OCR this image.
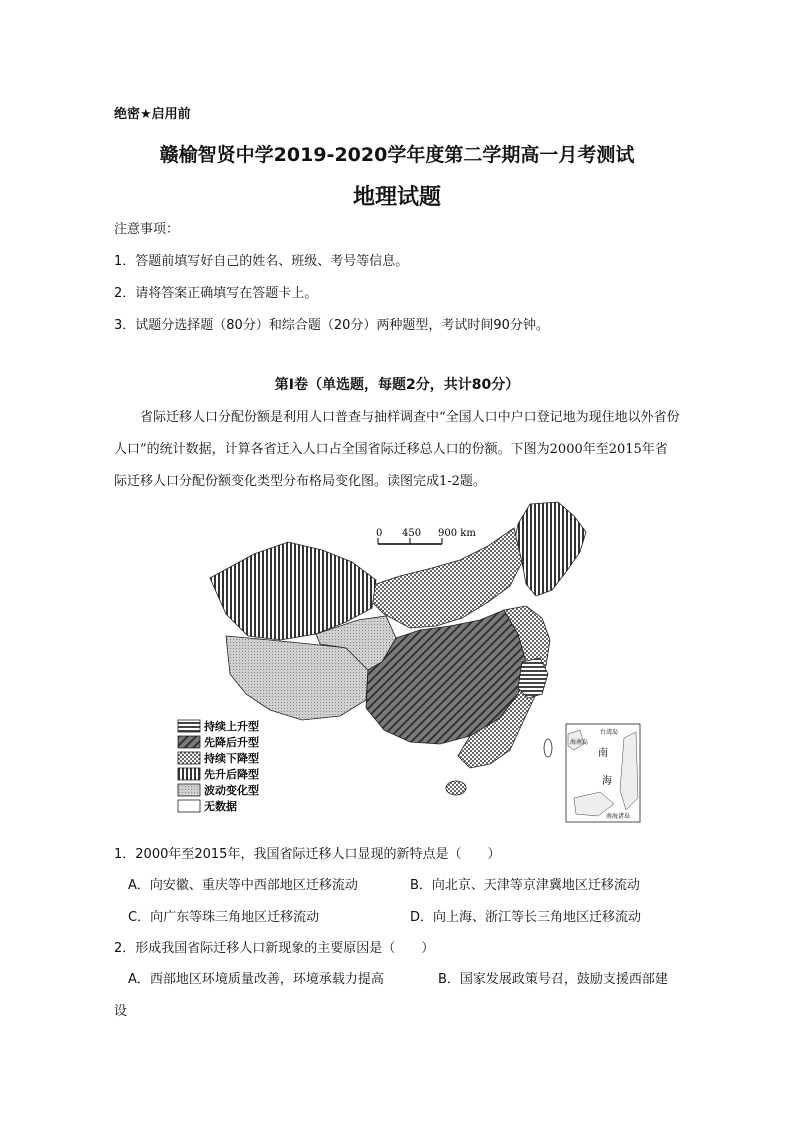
绝密★启用前
赣榆智贤中学2019-2020学年度第二学期高一月考测试
地理试题
注意事项：
1．答题前填写好自己的姓名、班级、考号等信息。
2．请将答案正确填写在答题卡上。
3．试题分选择题（80分）和综合题（20分）两种题型，考试时间90分钟。
第I卷（单选题，每题2分，共计80分）
省际迁移人口分配份额是利用人口普查与抽样调查中“全国人口中户口登记地为现住地以外省份人口”的统计数据，计算各省迁入人口占全国省际迁移总人口的份额。下图为2000年至2015年省际迁移人口分配份额变化类型分布格局变化图。读图完成1-2题。
0 450 900 km
持续上升型
先降后升型
持续下降型
先升后降型
波动变化型
无数据
台湾岛
海南岛
南
海
南海诸岛
1．2000年至2015年，我国省际迁移人口显现的新特点是（　　）
A．向安徽、重庆等中西部地区迁移流动	B．向北京、天津等京津冀地区迁移流动
C．向广东等珠三角地区迁移流动	D．向上海、浙江等长三角地区迁移流动
2．形成我国省际迁移人口新现象的主要原因是（　　）
A．西部地区环境质量改善，环境承载力提高	B．国家发展政策号召，鼓励支援西部建
设
